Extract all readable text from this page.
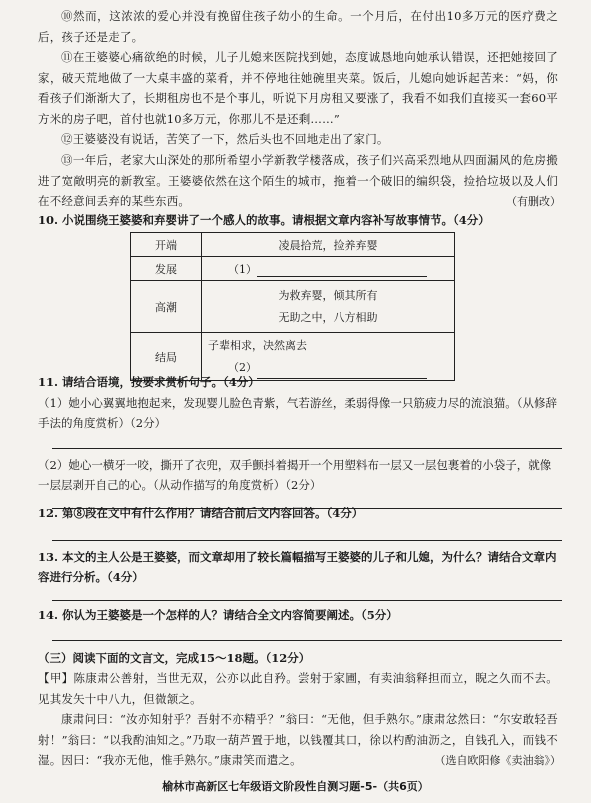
⑩然而，这浓浓的爱心并没有挽留住孩子幼小的生命。一个月后，在付出10多万元的医疗费之后，孩子还是走了。
⑪在王婆婆心痛欲绝的时候，儿子儿媳来医院找到她，态度诚恳地向她承认错误，还把她接回了家，破天荒地做了一大桌丰盛的菜肴，并不停地往她碗里夹菜。饭后，儿媳向她诉起苦来：“妈，你看孩子们渐渐大了，长期租房也不是个事儿，听说下月房租又要涨了，我看不如我们直接买一套60平方米的房子吧，首付也就10多万元，你那儿不是还剩……”
⑫王婆婆没有说话，苦笑了一下，然后头也不回地走出了家门。
⑬一年后，老家大山深处的那所希望小学新教学楼落成，孩子们兴高采烈地从四面漏风的危房搬进了宽敞明亮的新教室。王婆婆依然在这个陌生的城市，拖着一个破旧的编织袋，捡拾垃圾以及人们在不经意间丢弃的某些东西。	（有删改）
10. 小说围绕王婆婆和弃婴讲了一个感人的故事。请根据文章内容补写故事情节。（4分）
开端	凌晨拾荒，捡养弃婴
发展	（1）
高潮	为救弃婴，倾其所有
无助之中，八方相助

结局	子辈相求，决然离去
（2）
11. 请结合语境，按要求赏析句子。（4分）
（1）她小心翼翼地抱起来，发现婴儿脸色青紫，气若游丝，柔弱得像一只筋疲力尽的流浪猫。（从修辞手法的角度赏析）（2分）
（2）她心一横牙一咬，撕开了衣兜，双手颤抖着揭开一个用塑料布一层又一层包裹着的小袋子，就像一层层剥开自己的心。（从动作描写的角度赏析）（2分）
12. 第⑧段在文中有什么作用？请结合前后文内容回答。（4分）
13. 本文的主人公是王婆婆，而文章却用了较长篇幅描写王婆婆的儿子和儿媳，为什么？请结合文章内容进行分析。（4分）
14. 你认为王婆婆是一个怎样的人？请结合全文内容简要阐述。（5分）
（三）阅读下面的文言文，完成15～18题。（12分）
【甲】陈康肃公善射，当世无双，公亦以此自矜。尝射于家圃，有卖油翁释担而立，睨之久而不去。见其发矢十中八九，但微颔之。
康肃问曰：“汝亦知射乎？吾射不亦精乎？”翁曰：“无他，但手熟尔。”康肃忿然曰：“尔安敢轻吾射！”翁曰：“以我酌油知之。”乃取一葫芦置于地，以钱覆其口，徐以杓酌油沥之，自钱孔入，而钱不湿。因曰：“我亦无他，惟手熟尔。”康肃笑而遣之。	（选自欧阳修《卖油翁》）
榆林市高新区七年级语文阶段性自测习题-5-（共6页）
